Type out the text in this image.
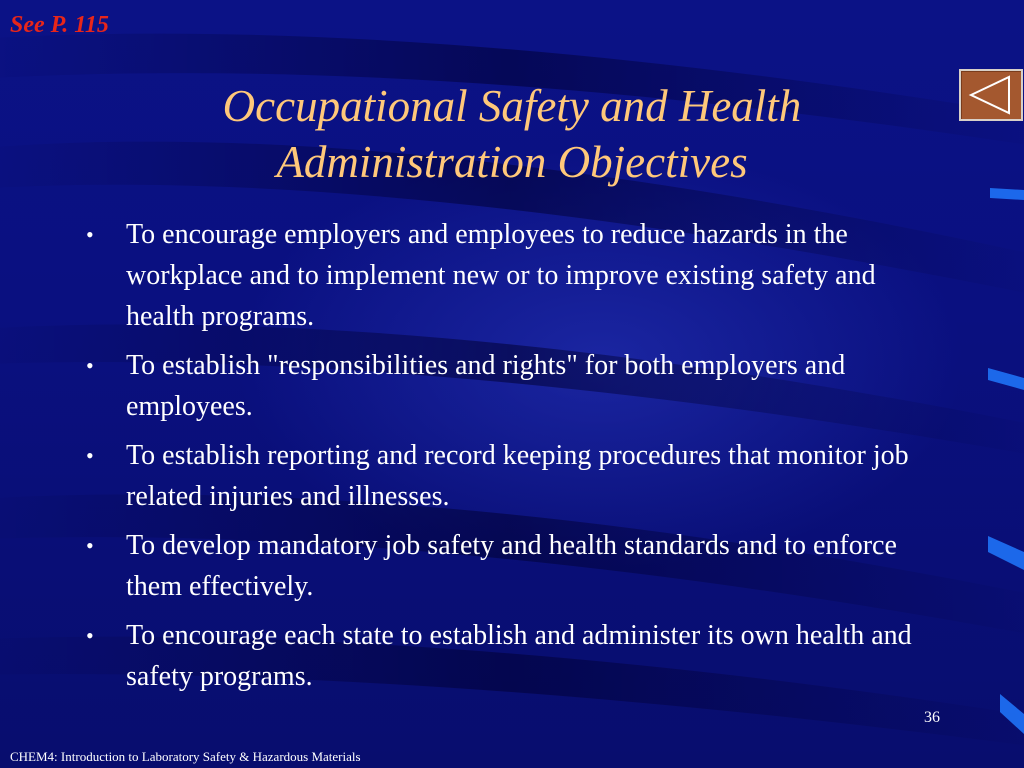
See P. 115

Occupational Safety and Health Administration Objectives
• To encourage employers and employees to reduce hazards in the workplace and to implement new or to improve existing safety and health programs.
• To establish "responsibilities and rights" for both employers and employees.
• To establish reporting and record keeping procedures that monitor job related injuries and illnesses.
• To develop mandatory job safety and health standards and to enforce them effectively.
• To encourage each state to establish and administer its own health and safety programs.
36
CHEM4: Introduction to Laboratory Safety & Hazardous Materials
